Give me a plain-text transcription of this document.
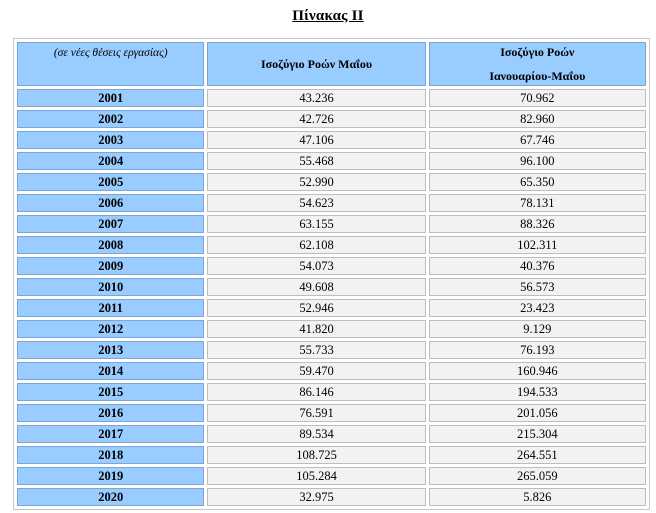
Πίνακας ΙΙ
(σε νέες θέσεις εργασίας)	Ισοζύγιο Ροών Μαΐου	Ισοζύγιο Ροών
Ιανουαρίου-Μαΐου

2001	43.236	70.962
2002	42.726	82.960
2003	47.106	67.746
2004	55.468	96.100
2005	52.990	65.350
2006	54.623	78.131
2007	63.155	88.326
2008	62.108	102.311
2009	54.073	40.376
2010	49.608	56.573
2011	52.946	23.423
2012	41.820	9.129
2013	55.733	76.193
2014	59.470	160.946
2015	86.146	194.533
2016	76.591	201.056
2017	89.534	215.304
2018	108.725	264.551
2019	105.284	265.059
2020	32.975	5.826
